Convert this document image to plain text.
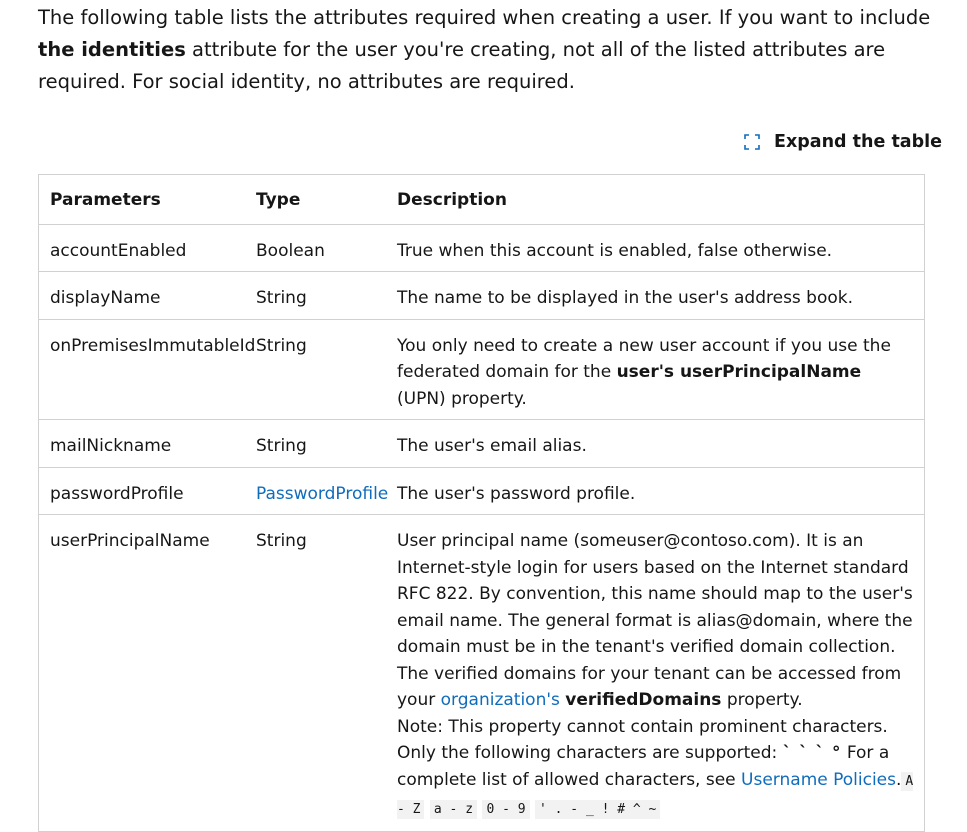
The following table lists the attributes required when creating a user. If you want to include the identities attribute for the user you're creating, not all of the listed attributes are required. For social identity, no attributes are required.
Expand the table
Parameters	Type	Description
accountEnabled	Boolean	True when this account is enabled, false otherwise.
displayName	String	The name to be displayed in the user's address book.
onPremisesImmutableId	String	You only need to create a new user account if you use the federated domain for the user's userPrincipalName (UPN) property.
mailNickname	String	The user's email alias.
passwordProfile	PasswordProfile	The user's password profile.
userPrincipalName	String	User principal name (someuser@contoso.com). It is an Internet-style login for users based on the Internet standard RFC 822. By convention, this name should map to the user's email name. The general format is alias@domain, where the domain must be in the tenant's verified domain collection. The verified domains for your tenant can be accessed from your organization's verifiedDomains property.
Note: This property cannot contain prominent characters. Only the following characters are supported: ` ` ` ° For a complete list of allowed characters, see Username Policies. A - Z a - z 0 - 9 ' . - _ ! # ^ ~
